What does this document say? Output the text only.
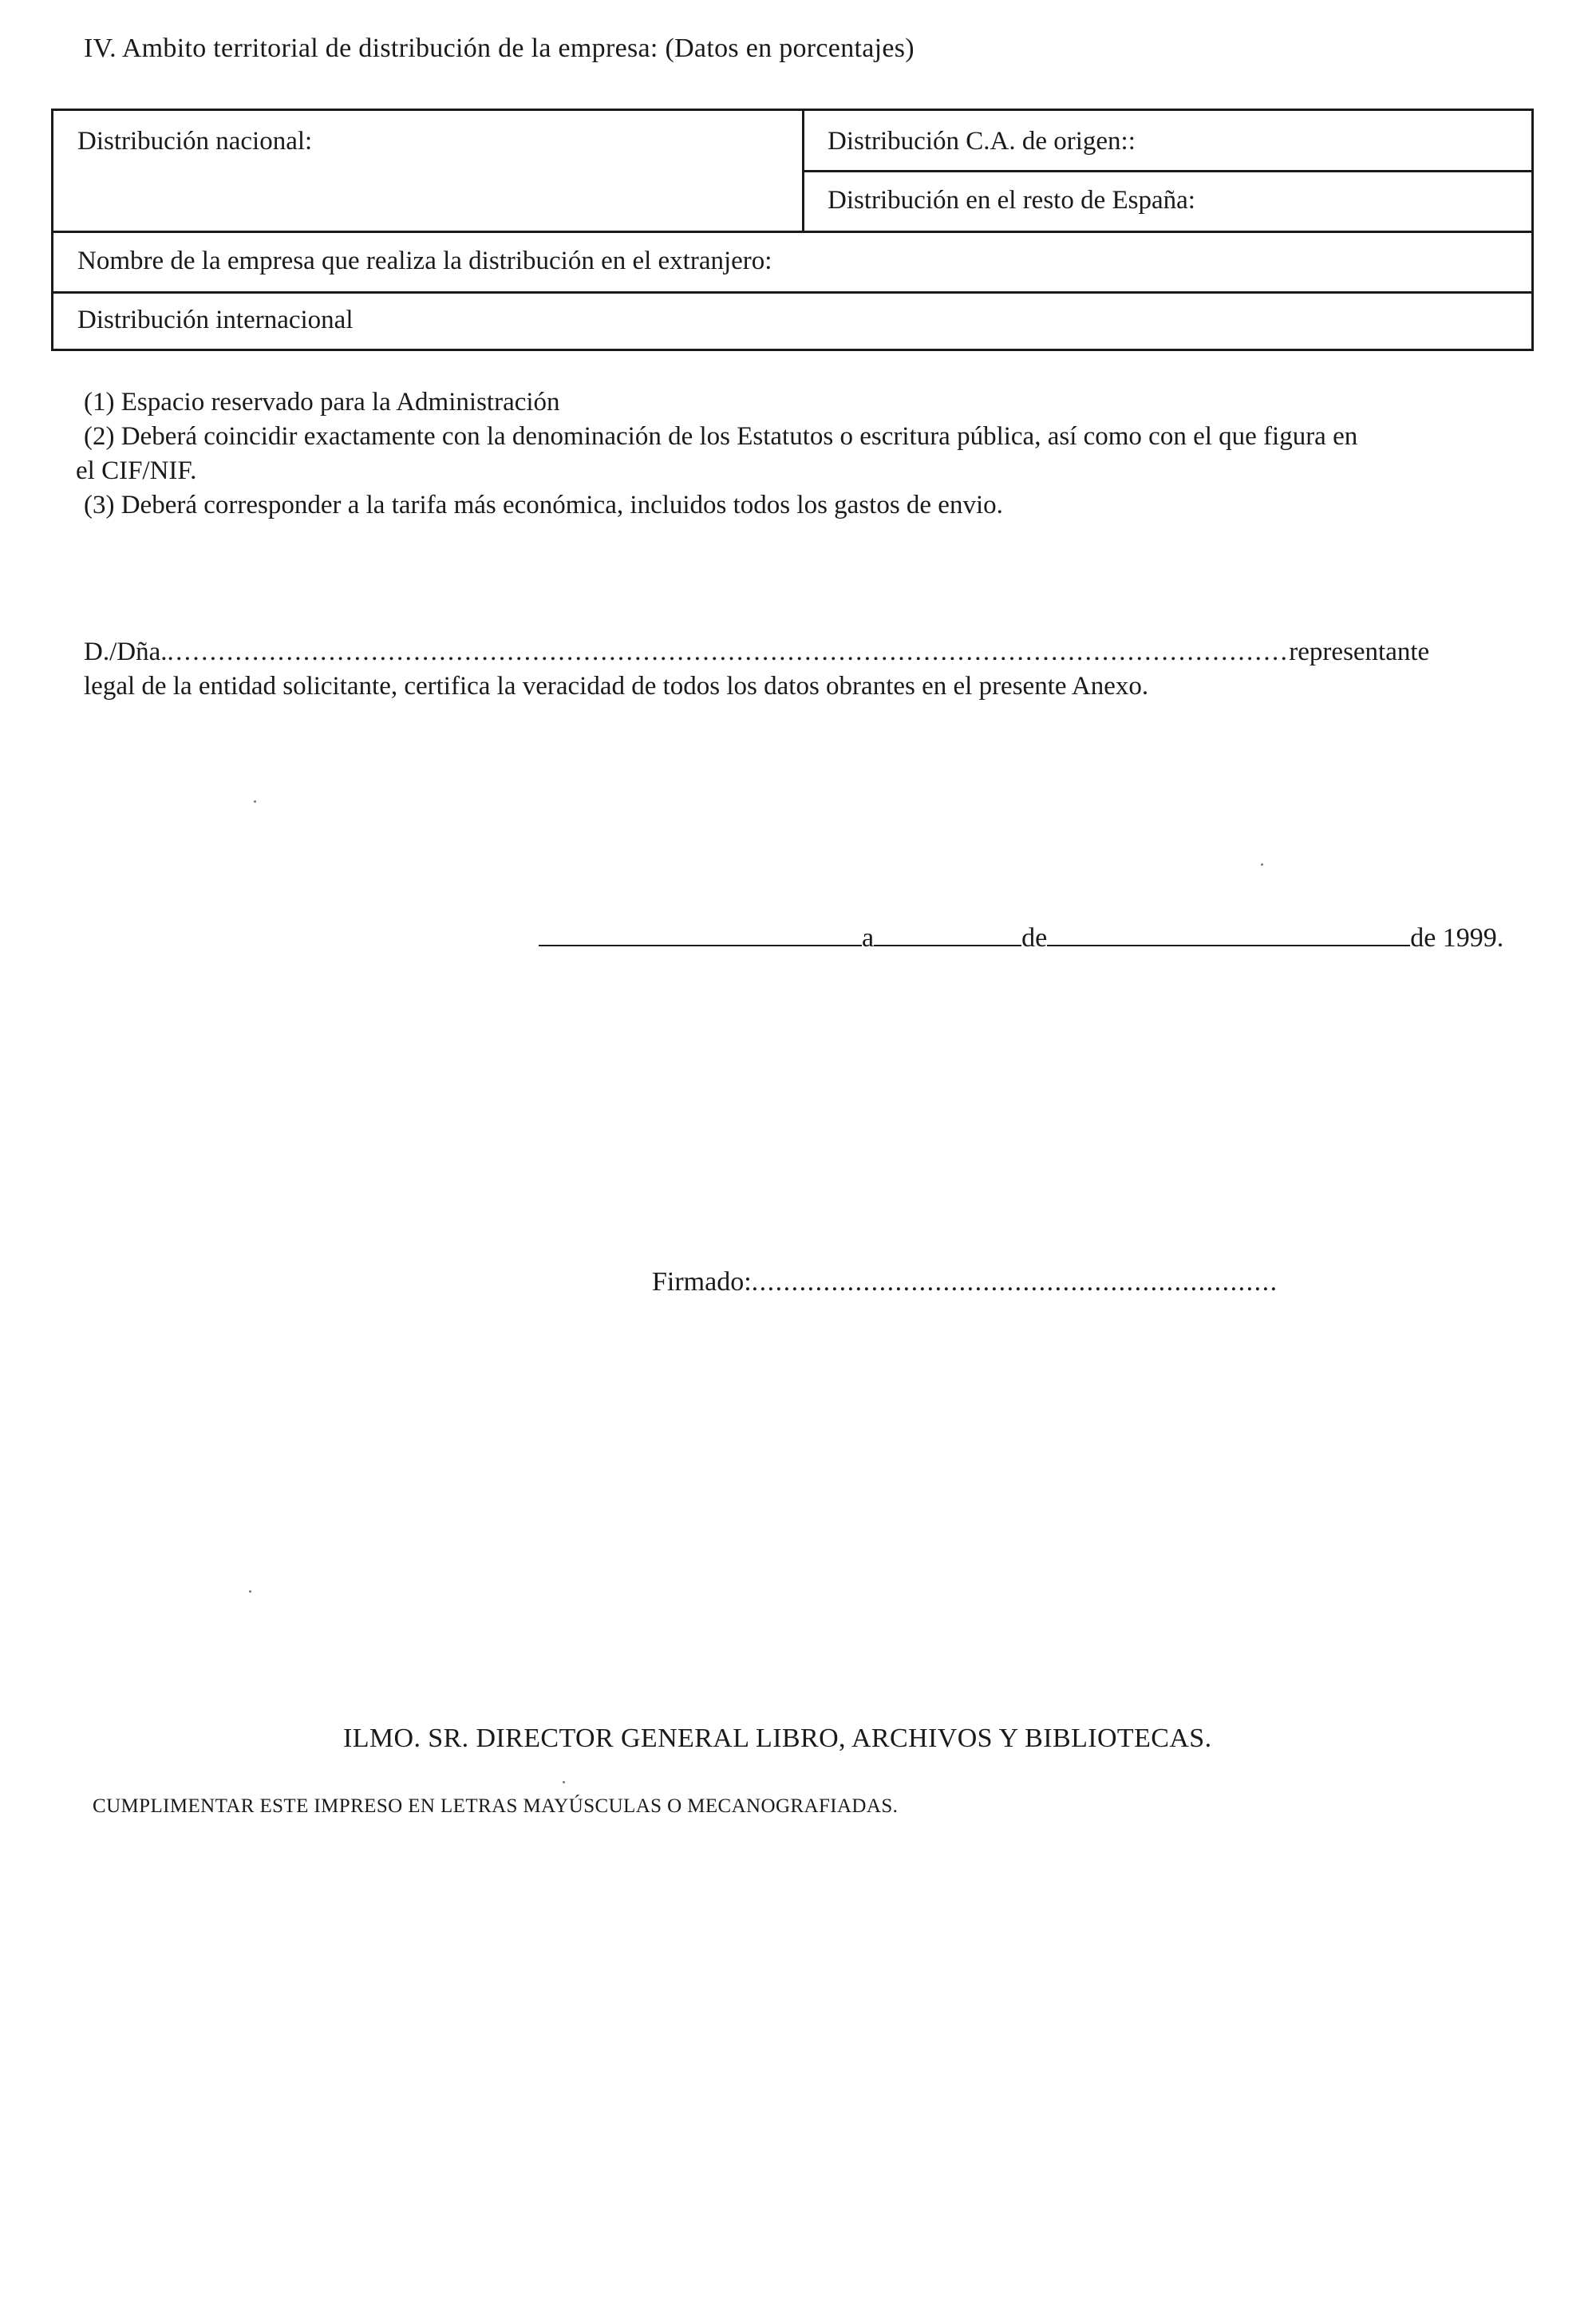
IV. Ambito territorial de distribución de la empresa: (Datos en porcentajes)
Distribución nacional:	Distribución C.A. de origen::
Distribución en el resto de España:
Nombre de la empresa que realiza la distribución en el extranjero:
Distribución internacional
(1) Espacio reservado para la Administración
(2) Deberá coincidir exactamente con la denominación de los Estatutos o escritura pública, así como con el que figura en
el CIF/NIF.
(3) Deberá corresponder a la tarifa más económica, incluidos todos los gastos de envio.
D./Dña.....................................................................................................................................representante
legal de la entidad solicitante, certifica la veracidad de todos los datos obrantes en el presente Anexo.
a	de	de 1999.
Firmado:..................................................................
ILMO. SR. DIRECTOR GENERAL LIBRO, ARCHIVOS Y BIBLIOTECAS.
CUMPLIMENTAR ESTE IMPRESO EN LETRAS MAYÚSCULAS O MECANOGRAFIADAS.
